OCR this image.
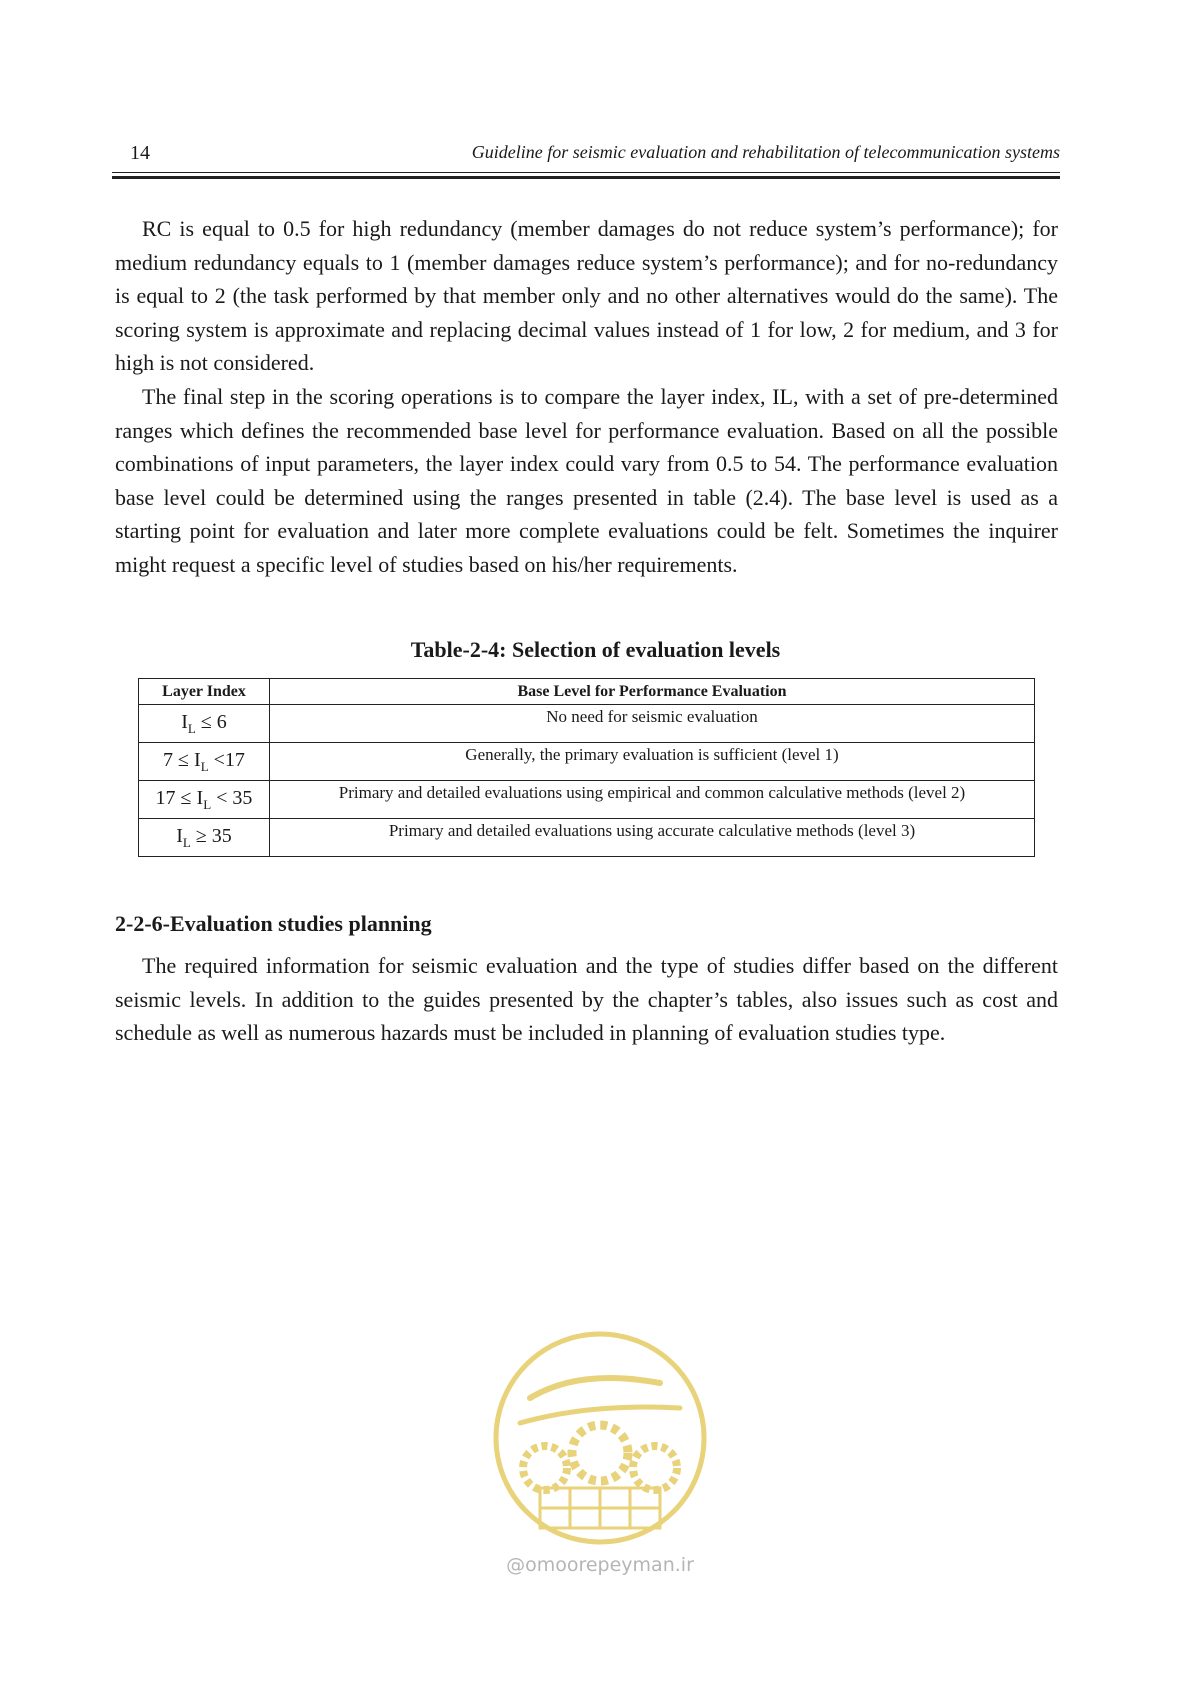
14	Guideline for seismic evaluation and rehabilitation of telecommunication systems

RC is equal to 0.5 for high redundancy (member damages do not reduce system’s performance); for medium redundancy equals to 1 (member damages reduce system’s performance); and for no-redundancy is equal to 2 (the task performed by that member only and no other alternatives would do the same). The scoring system is approximate and replacing decimal values instead of 1 for low, 2 for medium, and 3 for high is not considered.

The final step in the scoring operations is to compare the layer index, IL, with a set of pre-determined ranges which defines the recommended base level for performance evaluation. Based on all the possible combinations of input parameters, the layer index could vary from 0.5 to 54. The performance evaluation base level could be determined using the ranges presented in table (2.4). The base level is used as a starting point for evaluation and later more complete evaluations could be felt. Sometimes the inquirer might request a specific level of studies based on his/her requirements.

Table-2-4: Selection of evaluation levels
Layer Index	Base Level for Performance Evaluation
$I_L \le 6$	No need for seismic evaluation
$7 \le I_L <17$	Generally, the primary evaluation is sufficient (level 1)
$17 \le I_L < 35$	Primary and detailed evaluations using empirical and common calculative methods (level 2)
$I_L \ge 35$	Primary and detailed evaluations using accurate calculative methods (level 3)
2-2-6-Evaluation studies planning

The required information for seismic evaluation and the type of studies differ based on the different seismic levels. In addition to the guides presented by the chapter’s tables, also issues such as cost and schedule as well as numerous hazards must be included in planning of evaluation studies type.

@omoorepeyman.ir
